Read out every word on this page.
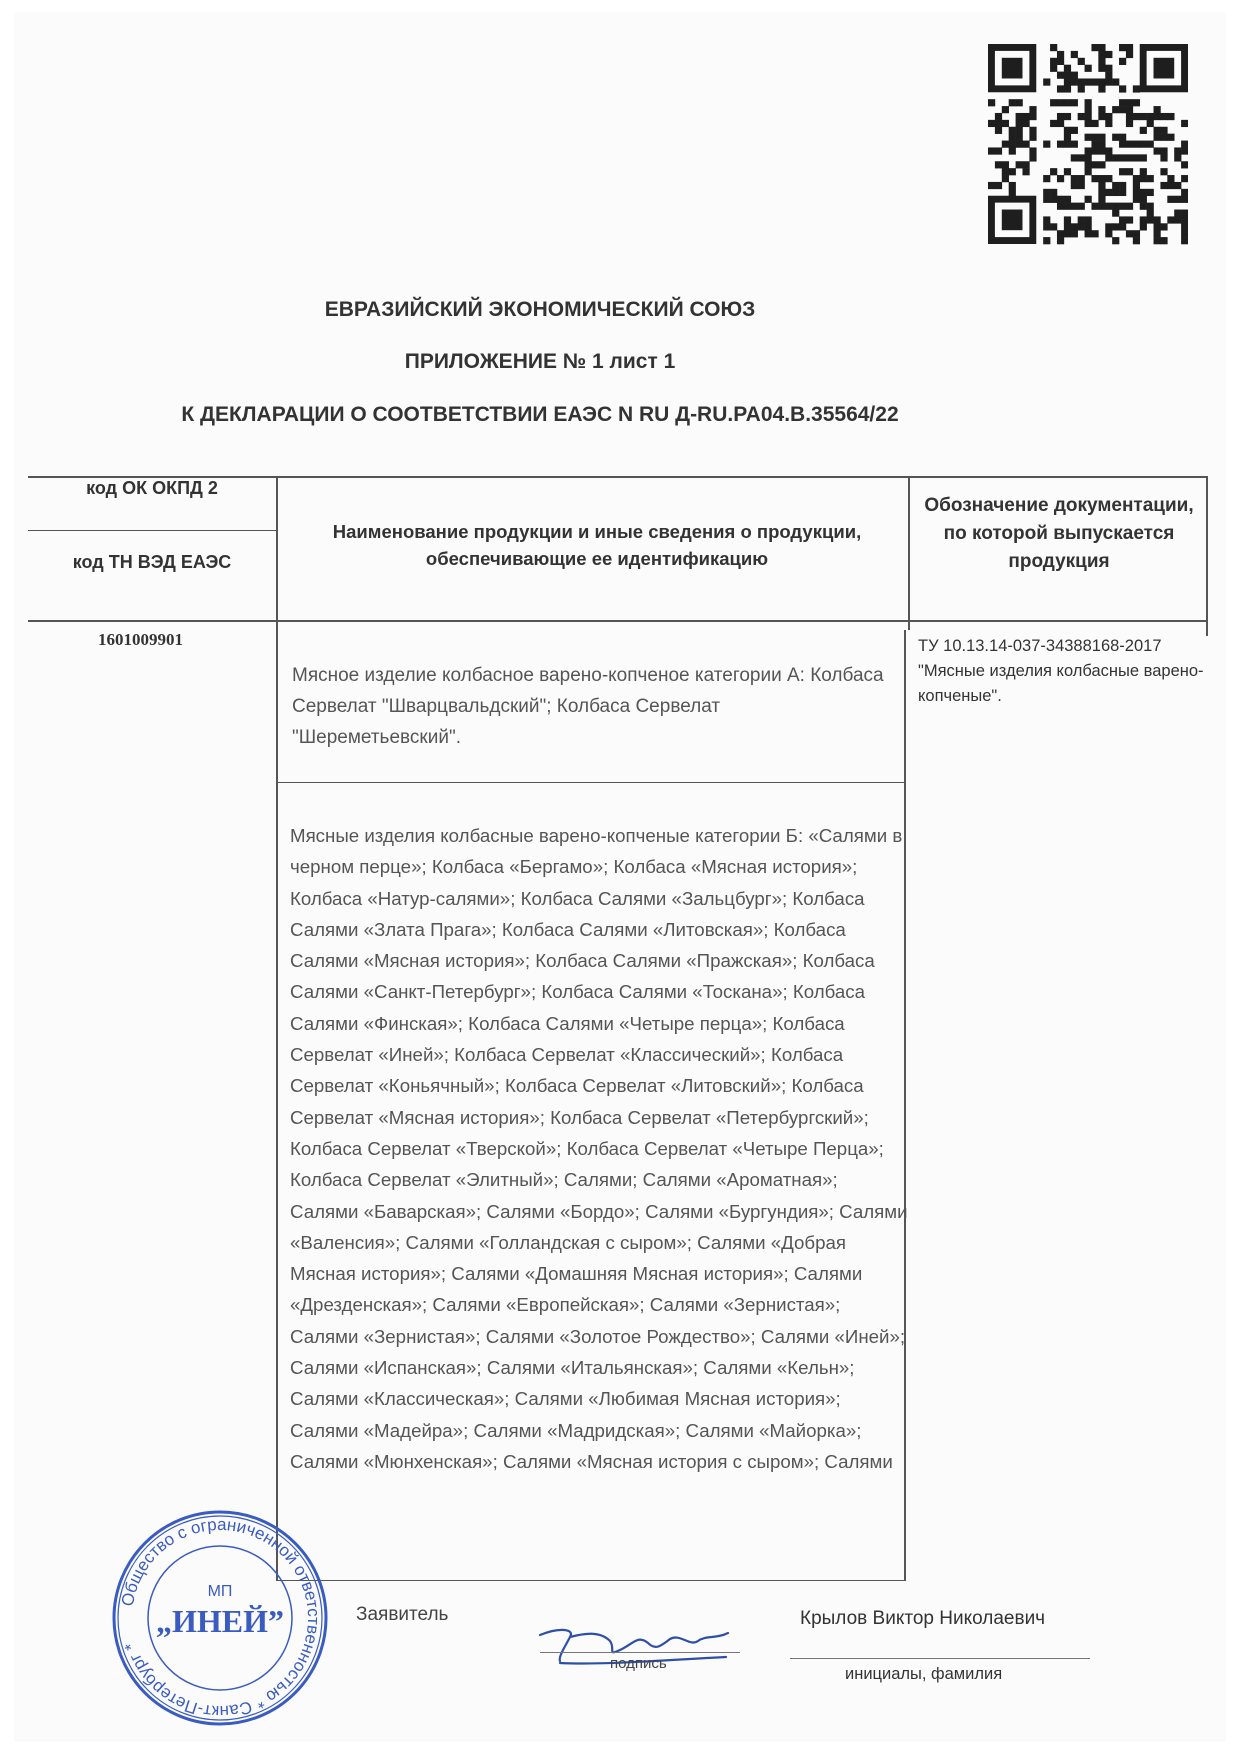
ЕВРАЗИЙСКИЙ ЭКОНОМИЧЕСКИЙ СОЮЗ
ПРИЛОЖЕНИЕ № 1 лист 1
К ДЕКЛАРАЦИИ О СООТВЕТСТВИИ ЕАЭС N RU Д-RU.PA04.B.35564/22
код ОК ОКПД 2
код ТН ВЭД ЕАЭС
Наименование продукции и иные сведения о продукции, обеспечивающие ее идентификацию
Обозначение документации, по которой выпускается продукция
1601009901	ТУ 10.13.14-037-34388168-2017 "Мясные изделия колбасные варено-копченые".
Мясное изделие колбасное варено-копченое категории А: Колбаса Сервелат "Шварцвальдский"; Колбаса Сервелат "Шереметьевский".
Мясные изделия колбасные варено-копченые категории Б: «Салями в черном перце»; Колбаса «Бергамо»; Колбаса «Мясная история»; Колбаса «Натур-салями»; Колбаса Салями «Зальцбург»; Колбаса Салями «Злата Прага»; Колбаса Салями «Литовская»; Колбаса Салями «Мясная история»; Колбаса Салями «Пражская»; Колбаса Салями «Санкт-Петербург»; Колбаса Салями «Тоскана»; Колбаса Салями «Финская»; Колбаса Салями «Четыре перца»; Колбаса Сервелат «Иней»; Колбаса Сервелат «Классический»; Колбаса Сервелат «Коньячный»; Колбаса Сервелат «Литовский»; Колбаса Сервелат «Мясная история»; Колбаса Сервелат «Петербургский»; Колбаса Сервелат «Тверской»; Колбаса Сервелат «Четыре Перца»; Колбаса Сервелат «Элитный»; Салями; Салями «Ароматная»; Салями «Баварская»; Салями «Бордо»; Салями «Бургундия»; Салями «Валенсия»; Салями «Голландская с сыром»; Салями «Добрая Мясная история»; Салями «Домашняя Мясная история»; Салями «Дрезденская»; Салями «Европейская»; Салями «Зернистая»; Салями «Зернистая»; Салями «Золотое Рождество»; Салями «Иней»; Салями «Испанская»; Салями «Итальянская»; Салями «Кельн»; Салями «Классическая»; Салями «Любимая Мясная история»; Салями «Мадейра»; Салями «Мадридская»; Салями «Майорка»; Салями «Мюнхенская»; Салями «Мясная история с сыром»; Салями
Заявитель
подпись
Крылов Виктор Николаевич
инициалы, фамилия
Общество с ограниченной ответственностью * Санкт-Петербург *
МП
„ИНЕЙ”
